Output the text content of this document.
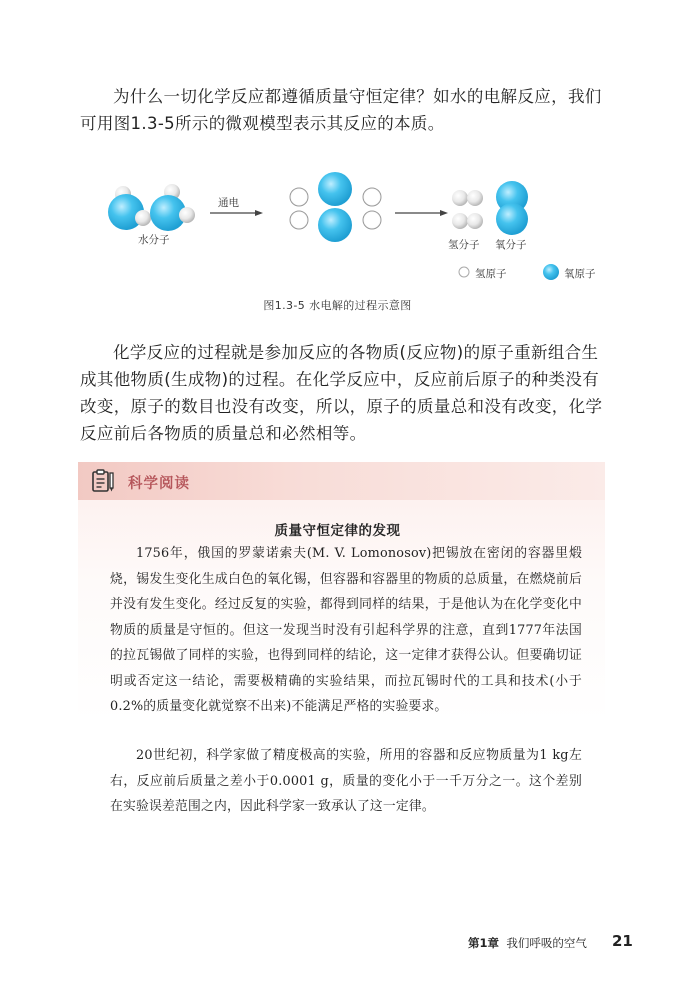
为什么一切化学反应都遵循质量守恒定律？如水的电解反应，我们可用图1.3-5所示的微观模型表示其反应的本质。

通电
水分子	氢分子 氧分子
氢原子	氧原子
图1.3-5 水电解的过程示意图

化学反应的过程就是参加反应的各物质(反应物)的原子重新组合生成其他物质(生成物)的过程。在化学反应中，反应前后原子的种类没有改变，原子的数目也没有改变，所以，原子的质量总和没有改变，化学反应前后各物质的质量总和必然相等。

科学阅读
质量守恒定律的发现

1756年，俄国的罗蒙诺索夫(M. V. Lomonosov)把锡放在密闭的容器里煅烧，锡发生变化生成白色的氧化锡，但容器和容器里的物质的总质量，在燃烧前后并没有发生变化。经过反复的实验，都得到同样的结果，于是他认为在化学变化中物质的质量是守恒的。但这一发现当时没有引起科学界的注意，直到1777年法国的拉瓦锡做了同样的实验，也得到同样的结论，这一定律才获得公认。但要确切证明或否定这一结论，需要极精确的实验结果，而拉瓦锡时代的工具和技术(小于0.2%的质量变化就觉察不出来)不能满足严格的实验要求。

20世纪初，科学家做了精度极高的实验，所用的容器和反应物质量为1 kg左右，反应前后质量之差小于0.0001 g，质量的变化小于一千万分之一。这个差别在实验误差范围之内，因此科学家一致承认了这一定律。

第1章 我们呼吸的空气 21
